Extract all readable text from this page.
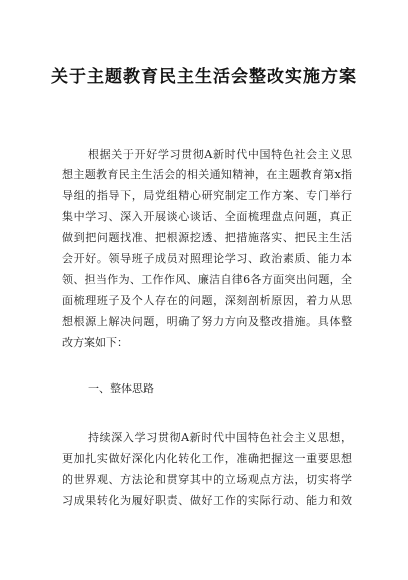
关于主题教育民主生活会整改实施方案
根据关于开好学习贯彻A新时代中国特色社会主义思
想主题教育民主生活会的相关通知精神，在主题教育第x指
导组的指导下，局党组精心研究制定工作方案、专门举行
集中学习、深入开展谈心谈话、全面梳理盘点问题，真正
做到把问题找准、把根源挖透、把措施落实、把民主生活
会开好。领导班子成员对照理论学习、政治素质、能力本
领、担当作为、工作作风、廉洁自律6各方面突出问题，全
面梳理班子及个人存在的问题，深刻剖析原因，着力从思
想根源上解决问题，明确了努力方向及整改措施。具体整
改方案如下：
一、整体思路
持续深入学习贯彻A新时代中国特色社会主义思想，
更加扎实做好深化内化转化工作，准确把握这一重要思想
的世界观、方法论和贯穿其中的立场观点方法，切实将学
习成果转化为履好职责、做好工作的实际行动、能力和效
